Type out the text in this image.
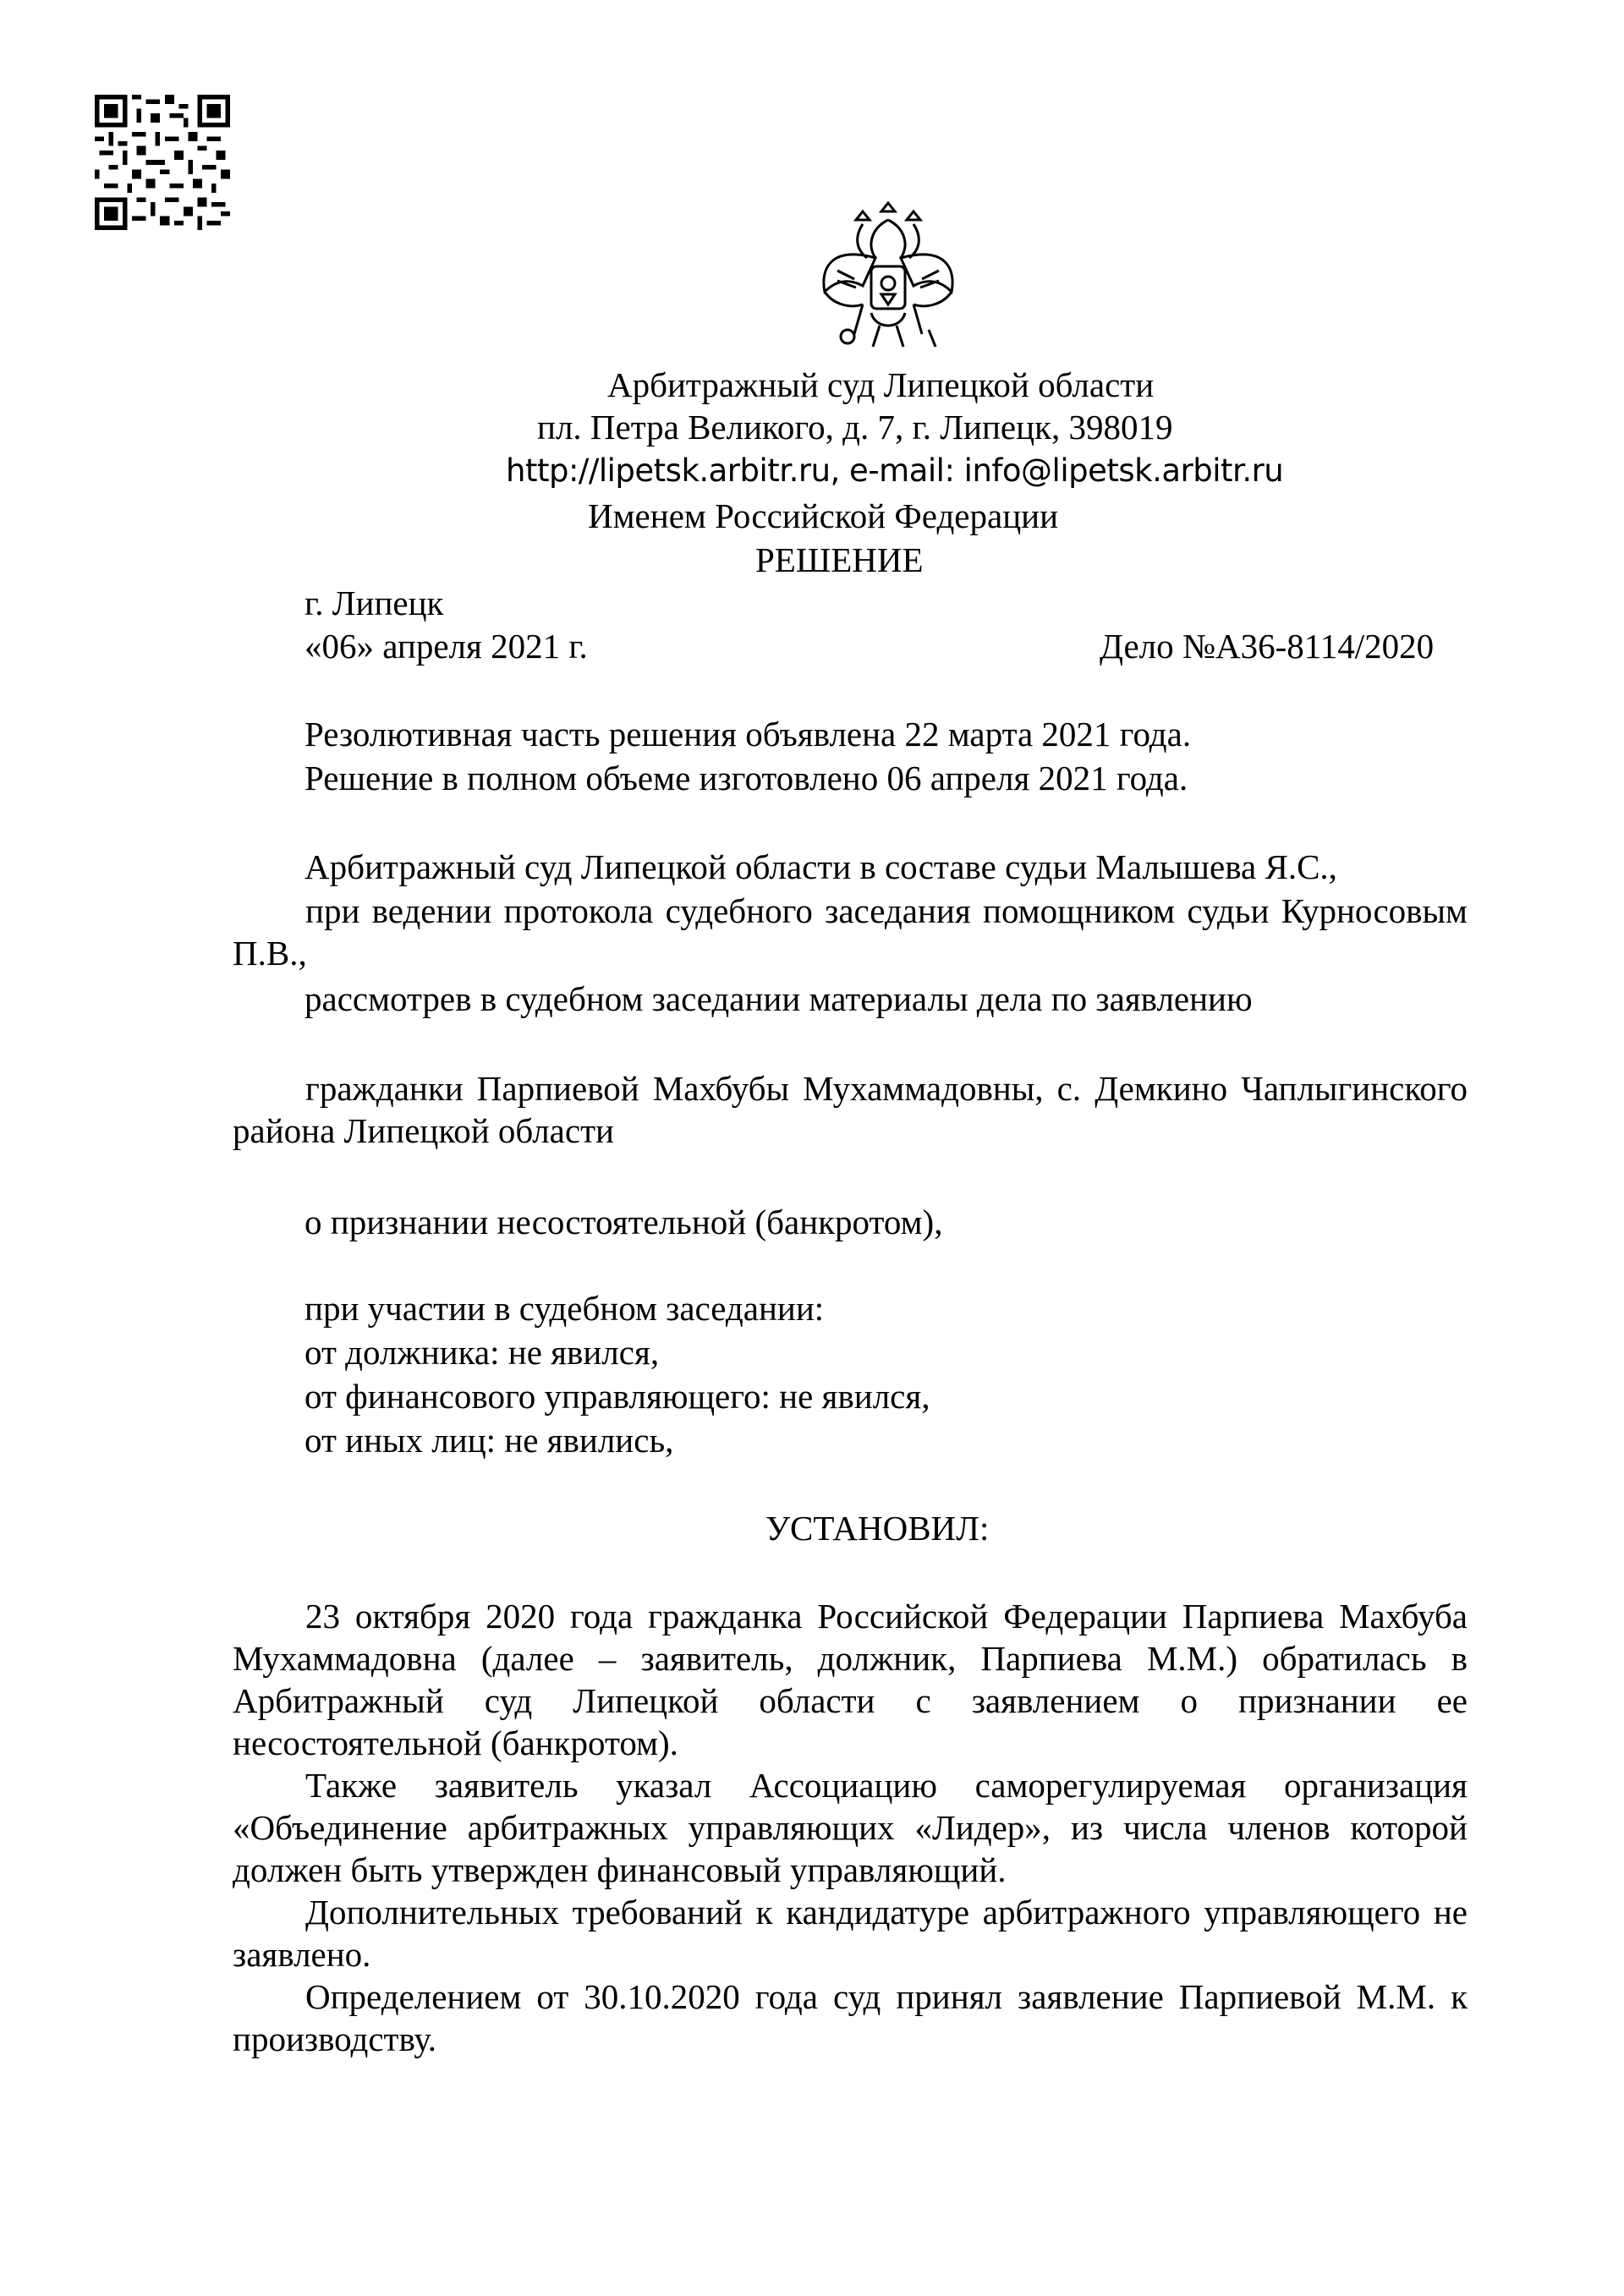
Арбитражный суд Липецкой области
пл. Петра Великого, д. 7, г. Липецк, 398019
http://lipetsk.arbitr.ru, e-mail: info@lipetsk.arbitr.ru
Именем Российской Федерации
РЕШЕНИЕ
г. Липецк
«06» апреля 2021 г.	Дело №А36-8114/2020
Резолютивная часть решения объявлена 22 марта 2021 года.
Решение в полном объеме изготовлено 06 апреля 2021 года.
Арбитражный суд Липецкой области в составе судьи Малышева Я.С.,

при ведении протокола судебного заседания помощником судьи Курносовым П.В.,

рассмотрев в судебном заседании материалы дела по заявлению

гражданки Парпиевой Махбубы Мухаммадовны, с. Демкино Чаплыгинского района Липецкой области

о признании несостоятельной (банкротом),
при участии в судебном заседании:
от должника: не явился,
от финансового управляющего: не явился,
от иных лиц: не явились,
УСТАНОВИЛ:

23 октября 2020 года гражданка Российской Федерации Парпиева Махбуба Мухаммадовна (далее – заявитель, должник, Парпиева М.М.) обратилась в Арбитражный суд Липецкой области с заявлением о признании ее несостоятельной (банкротом).

Также заявитель указал Ассоциацию саморегулируемая организация «Объединение арбитражных управляющих «Лидер», из числа членов которой должен быть утвержден финансовый управляющий.

Дополнительных требований к кандидатуре арбитражного управляющего не заявлено.

Определением от 30.10.2020 года суд принял заявление Парпиевой М.М. к производству.
